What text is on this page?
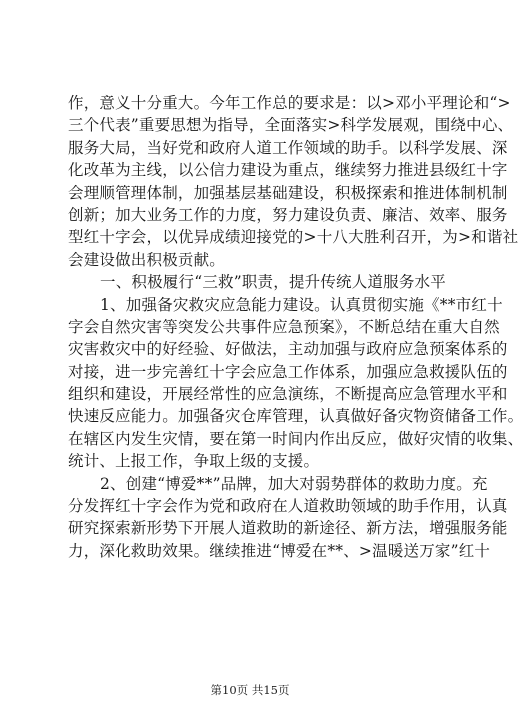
作，意义十分重大。今年工作总的要求是：以>邓小平理论和“>
三个代表”重要思想为指导，全面落实>科学发展观，围绕中心、
服务大局，当好党和政府人道工作领域的助手。以科学发展、深
化改革为主线，以公信力建设为重点，继续努力推进县级红十字
会理顺管理体制，加强基层基础建设，积极探索和推进体制机制
创新；加大业务工作的力度，努力建设负责、廉洁、效率、服务
型红十字会，以优异成绩迎接党的>十八大胜利召开，为>和谐社
会建设做出积极贡献。
一、积极履行“三救”职责，提升传统人道服务水平
1、加强备灾救灾应急能力建设。认真贯彻实施《**市红十
字会自然灾害等突发公共事件应急预案》，不断总结在重大自然
灾害救灾中的好经验、好做法，主动加强与政府应急预案体系的
对接，进一步完善红十字会应急工作体系，加强应急救援队伍的
组织和建设，开展经常性的应急演练，不断提高应急管理水平和
快速反应能力。加强备灾仓库管理，认真做好备灾物资储备工作。
在辖区内发生灾情，要在第一时间内作出反应，做好灾情的收集、
统计、上报工作，争取上级的支援。
2、创建“博爱**”品牌，加大对弱势群体的救助力度。充
分发挥红十字会作为党和政府在人道救助领域的助手作用，认真
研究探索新形势下开展人道救助的新途径、新方法，增强服务能
力，深化救助效果。继续推进“博爱在**、>温暖送万家”红十
第10页 共15页
